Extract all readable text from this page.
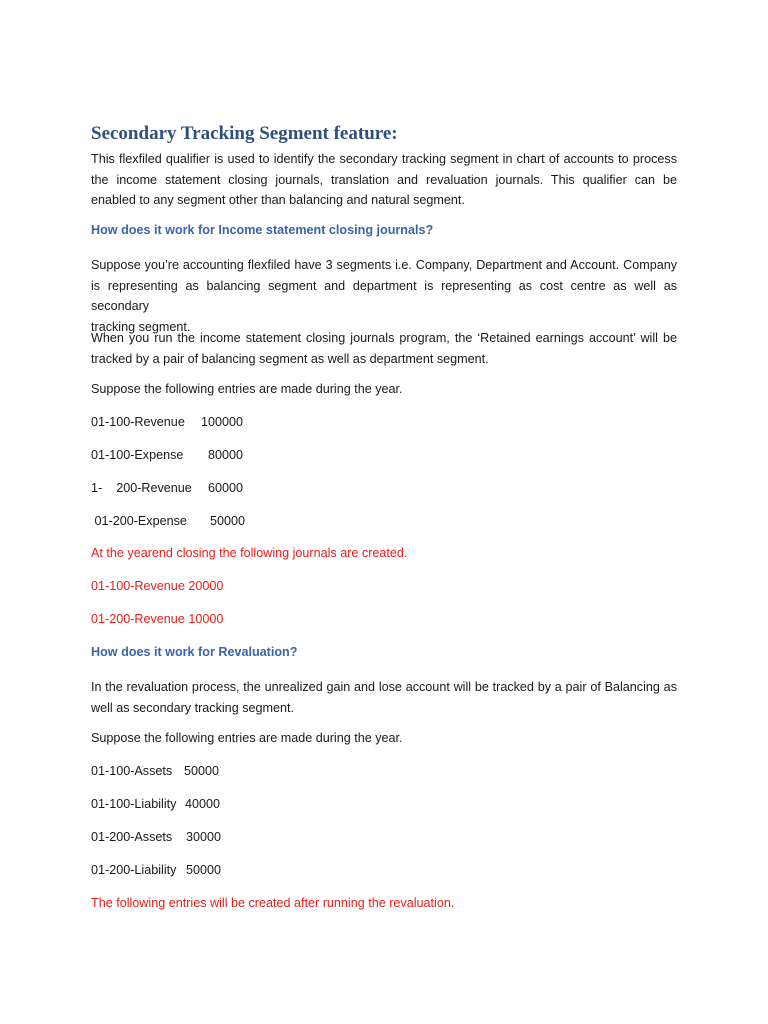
Secondary Tracking Segment feature:

This flexfiled qualifier is used to identify the secondary tracking segment in chart of accounts to process
the income statement closing journals, translation and revaluation journals. This qualifier can be
enabled to any segment other than balancing and natural segment.

How does it work for Income statement closing journals?

Suppose you’re accounting flexfiled have 3 segments i.e. Company, Department and Account. Company
is representing as balancing segment and department is representing as cost centre as well as secondary
tracking segment.

When you run the income statement closing journals program, the ‘Retained earnings account’ will be
tracked by a pair of balancing segment as well as department segment.

Suppose the following entries are made during the year.

01-100-Revenue 100000
01-100-Expense 80000
1-    200-Revenue 60000
01-200-Expense 50000

At the yearend closing the following journals are created.

01-100-Revenue 20000

01-200-Revenue 10000

How does it work for Revaluation?

In the revaluation process, the unrealized gain and lose account will be tracked by a pair of Balancing as
well as secondary tracking segment.

Suppose the following entries are made during the year.

01-100-Assets 50000
01-100-Liability 40000
01-200-Assets 30000
01-200-Liability 50000

The following entries will be created after running the revaluation.
